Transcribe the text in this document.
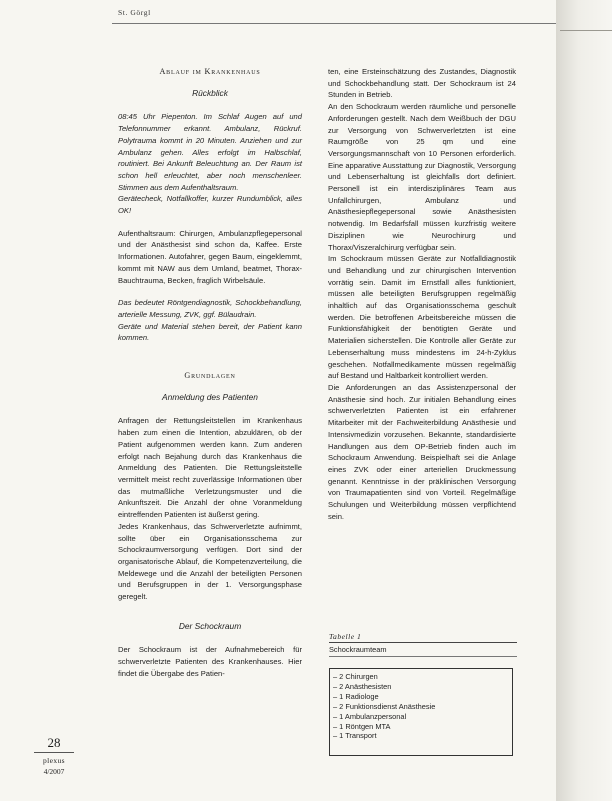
St. Görgl
Ablauf im Krankenhaus
Rückblick

08:45 Uhr Piepenton. Im Schlaf Augen auf und Telefonnummer erkannt. Ambulanz, Rückruf. Polytrauma kommt in 20 Minuten. Anziehen und zur Ambulanz gehen. Alles erfolgt im Halbschlaf, routiniert. Bei Ankunft Beleuchtung an. Der Raum ist schon hell erleuchtet, aber noch menschenleer. Stimmen aus dem Aufenthaltsraum.

Gerätecheck, Notfallkoffer, kurzer Rundumblick, alles OK!

Aufenthaltsraum: Chirurgen, Ambulanzpflegepersonal und der Anästhesist sind schon da, Kaffee. Erste Informationen. Autofahrer, gegen Baum, eingeklemmt, kommt mit NAW aus dem Umland, beatmet, Thorax-Bauchtrauma, Becken, fraglich Wirbelsäule.

Das bedeutet Röntgendiagnostik, Schockbehandlung, arterielle Messung, ZVK, ggf. Bülaudrain.

Geräte und Material stehen bereit, der Patient kann kommen.

Grundlagen
Anmeldung des Patienten

Anfragen der Rettungsleitstellen im Krankenhaus haben zum einen die Intention, abzuklären, ob der Patient aufgenommen werden kann. Zum anderen erfolgt nach Bejahung durch das Krankenhaus die Anmeldung des Patienten. Die Rettungsleitstelle vermittelt meist recht zuverlässige Informationen über das mutmaßliche Verletzungsmuster und die Ankunftszeit. Die Anzahl der ohne Voranmeldung eintreffenden Patienten ist äußerst gering.

Jedes Krankenhaus, das Schwerverletzte aufnimmt, sollte über ein Organisationsschema zur Schockraumversorgung verfügen. Dort sind der organisatorische Ablauf, die Kompetenzverteilung, die Meldewege und die Anzahl der beteiligten Personen und Berufsgruppen in der 1. Versorgungsphase geregelt.

Der Schockraum

Der Schockraum ist der Aufnahmebereich für schwerverletzte Patienten des Krankenhauses. Hier findet die Übergabe des Patien-

ten, eine Ersteinschätzung des Zustandes, Diagnostik und Schockbehandlung statt. Der Schockraum ist 24 Stunden in Betrieb.

An den Schockraum werden räumliche und personelle Anforderungen gestellt. Nach dem Weißbuch der DGU zur Versorgung von Schwerverletzten ist eine Raumgröße von 25 qm und eine Versorgungsmannschaft von 10 Personen erforderlich. Eine apparative Ausstattung zur Diagnostik, Versorgung und Lebenserhaltung ist gleichfalls dort definiert. Personell ist ein interdisziplinäres Team aus Unfallchirurgen, Ambulanz und Anästhesiepflegepersonal sowie Anästhesisten notwendig. Im Bedarfsfall müssen kurzfristig weitere Disziplinen wie Neurochirurg und Thorax/Viszeralchirurg verfügbar sein.

Im Schockraum müssen Geräte zur Notfalldiagnostik und Behandlung und zur chirurgischen Intervention vorrätig sein. Damit im Ernstfall alles funktioniert, müssen alle beteiligten Berufsgruppen regelmäßig inhaltlich auf das Organisationsschema geschult werden. Die betroffenen Arbeitsbereiche müssen die Funktionsfähigkeit der benötigten Geräte und Materialien sicherstellen. Die Kontrolle aller Geräte zur Lebenserhaltung muss mindestens im 24-h-Zyklus geschehen. Notfallmedikamente müssen regelmäßig auf Bestand und Haltbarkeit kontrolliert werden.

Die Anforderungen an das Assistenzpersonal der Anästhesie sind hoch. Zur initialen Behandlung eines schwerverletzten Patienten ist ein erfahrener Mitarbeiter mit der Fachweiterbildung Anästhesie und Intensivmedizin vorzusehen. Bekannte, standardisierte Handlungen aus dem OP-Betrieb finden auch im Schockraum Anwendung. Beispielhaft sei die Anlage eines ZVK oder einer arteriellen Druckmessung genannt. Kenntnisse in der präklinischen Versorgung von Traumapatienten sind von Vorteil. Regelmäßige Schulungen und Weiterbildung müssen verpflichtend sein.

Tabelle 1
Schockraumteam
– 2 Chirurgen
– 2 Anästhesisten
– 1 Radiologe
– 2 Funktionsdienst Anästhesie
– 1 Ambulanzpersonal
– 1 Röntgen MTA
– 1 Transport
28
plexus
4/2007
